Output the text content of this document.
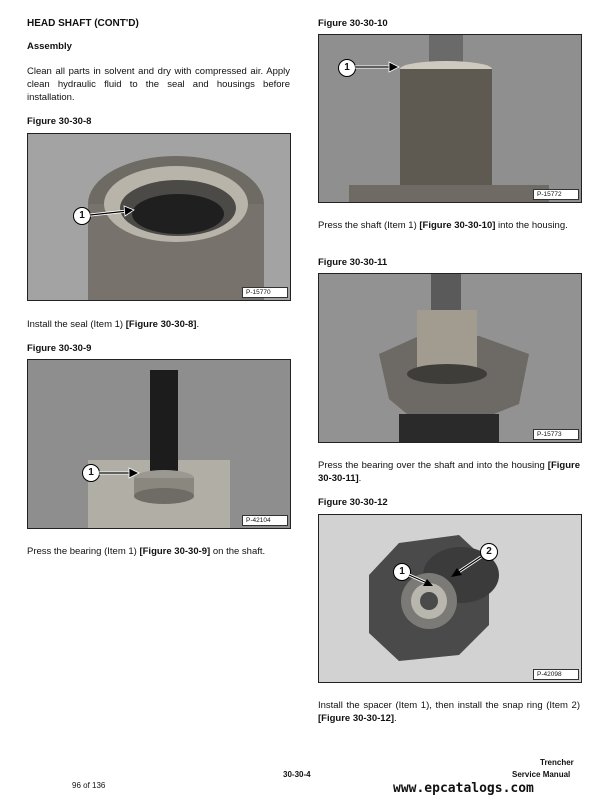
HEAD SHAFT (CONT'D)
Assembly
Clean all parts in solvent and dry with compressed air. Apply clean hydraulic fluid to the seal and housings before installation.
Figure 30-30-8
P-15770
1
Install the seal (Item 1) [Figure 30-30-8].
Figure 30-30-9
P-42104
1
Press the bearing (Item 1) [Figure 30-30-9] on the shaft.
Figure 30-30-10
P-15772
1
Press the shaft (Item 1) [Figure 30-30-10] into the housing.
Figure 30-30-11
P-15773
Press the bearing over the shaft and into the housing [Figure 30-30-11].
Figure 30-30-12
P-42098
1
2
Install the spacer (Item 1), then install the snap ring (Item 2) [Figure 30-30-12].
96 of 136
30-30-4
Trencher
Service Manual
www.epcatalogs.com
